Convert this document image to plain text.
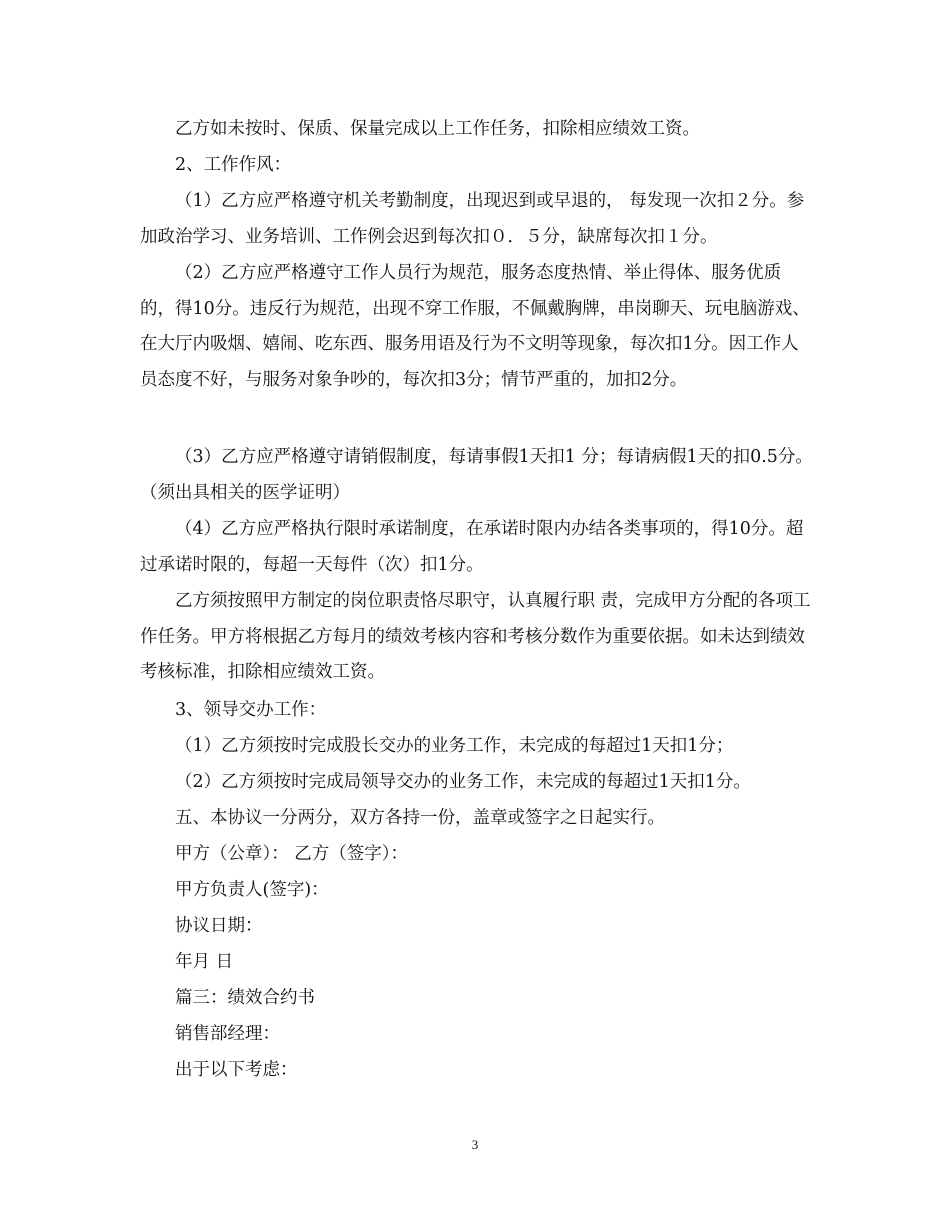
乙方如未按时、保质、保量完成以上工作任务，扣除相应绩效工资。

2、工作作风：

（1）乙方应严格遵守机关考勤制度，出现迟到或早退的， 每发现一次扣２分。参加政治学习、业务培训、工作例会迟到每次扣０．５分，缺席每次扣１分。

（2）乙方应严格遵守工作人员行为规范，服务态度热情、举止得体、服务优质的，得10分。违反行为规范，出现不穿工作服，不佩戴胸牌，串岗聊天、玩电脑游戏、在大厅内吸烟、嬉闹、吃东西、服务用语及行为不文明等现象，每次扣1分。因工作人员态度不好，与服务对象争吵的，每次扣3分；情节严重的，加扣2分。

（3）乙方应严格遵守请销假制度，每请事假1天扣1 分；每请病假1天的扣0.5分。（须出具相关的医学证明）

（4）乙方应严格执行限时承诺制度，在承诺时限内办结各类事项的，得10分。超过承诺时限的，每超一天每件（次）扣1分。

乙方须按照甲方制定的岗位职责恪尽职守，认真履行职 责，完成甲方分配的各项工作任务。甲方将根据乙方每月的绩效考核内容和考核分数作为重要依据。如未达到绩效考核标准，扣除相应绩效工资。

3、领导交办工作：

（1）乙方须按时完成股长交办的业务工作，未完成的每超过1天扣1分；

（2）乙方须按时完成局领导交办的业务工作，未完成的每超过1天扣1分。

五、本协议一分两分，双方各持一份，盖章或签字之日起实行。

甲方（公章）： 乙方（签字）：

甲方负责人(签字)：

协议日期：

年月 日

篇三：绩效合约书

销售部经理：

出于以下考虑：

3
